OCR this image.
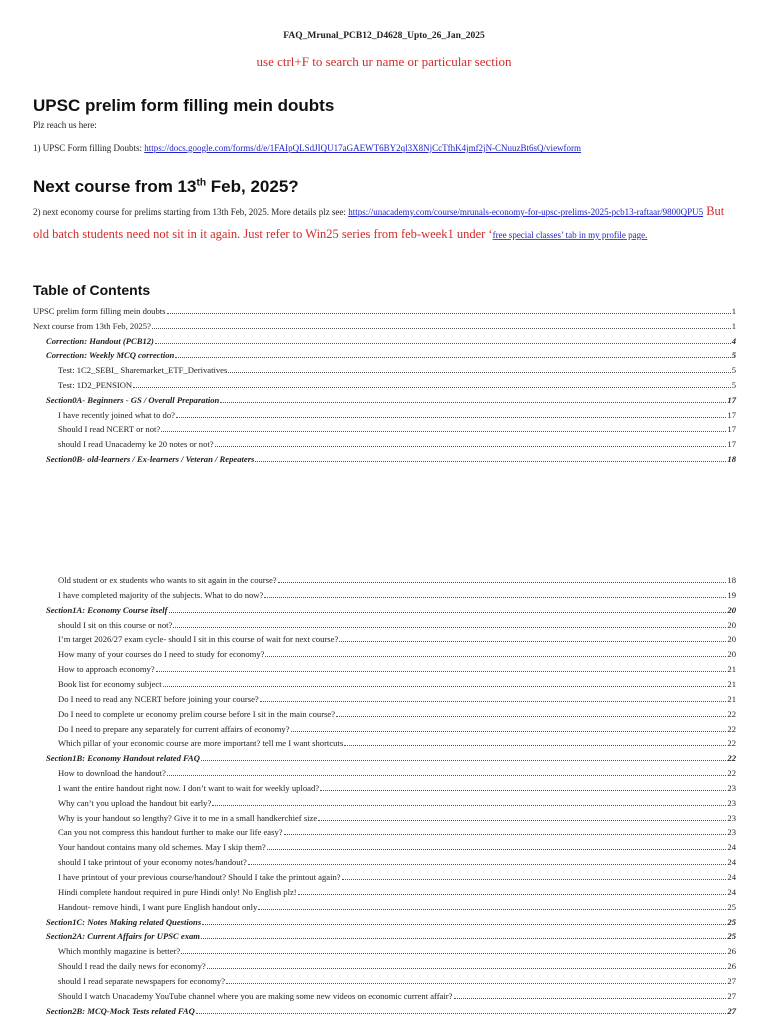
FAQ_Mrunal_PCB12_D4628_Upto_26_Jan_2025
use ctrl+F to search ur name or particular section
UPSC prelim form filling mein doubts
Plz reach us here:
1) UPSC Form filling Doubts: https://docs.google.com/forms/d/e/1FAIpQLSdJIQU17aGAEWT6BY2ql3X8NjCcTfhK4jmf2jN-CNuuzBt6sQ/viewform
Next course from 13th Feb, 2025?
2) next economy course for prelims starting from 13th Feb, 2025. More details plz see: https://unacademy.com/course/mrunals-economy-for-upsc-prelims-2025-pcb13-raftaar/9800QPU5 But old batch students need not sit in it again. Just refer to Win25 series from feb-week1 under ‘free special classes’ tab in my profile page.
Table of Contents
UPSC prelim form filling mein doubts	1
Next course from 13th Feb, 2025?	1
Correction: Handout (PCB12)	4
Correction: Weekly MCQ correction	5
Test: 1C2_SEBI_ Sharemarket_ETF_Derivatives	5
Test: 1D2_PENSION	5
Section0A- Beginners - GS / Overall Preparation	17
I have recently joined what to do?	17
Should I read NCERT or not?	17
should I read Unacademy ke 20 notes or not?	17
Section0B- old-learners / Ex-learners / Veteran / Repeaters	18
Old student or ex students who wants to sit again in the course?	18
I have completed majority of the subjects. What to do now?	19
Section1A: Economy Course itself	20
should I sit on this course or not?	20
I’m target 2026/27 exam cycle- should I sit in this course of wait for next course?	20
How many of your courses do I need to study for economy?	20
How to approach economy?	21
Book list for economy subject	21
Do I need to read any NCERT before joining your course?	21
Do I need to complete ur economy prelim course before I sit in the main course?	22
Do I need to prepare any separately for current affairs of economy?	22
Which pillar of your economic course are more important? tell me I want shortcuts	22
Section1B: Economy Handout related FAQ	22
How to download the handout?	22
I want the entire handout right now. I don’t want to wait for weekly upload?	23
Why can’t you upload the handout bit early?	23
Why is your handout so lengthy? Give it to me in a small handkerchief size	23
Can you not compress this handout further to make our life easy?	23
Your handout contains many old schemes. May I skip them?	24
should I take printout of your economy notes/handout?	24
I have printout of your previous course/handout? Should I take the printout again?	24
Hindi complete handout required in pure Hindi only! No English plz!	24
Handout- remove hindi, I want pure English handout only	25
Section1C: Notes Making related Questions	25
Section2A: Current Affairs for UPSC exam	25
Which monthly magazine is better?	26
Should I read the daily news for economy?	26
should I read separate newspapers for economy?	27
Should I watch Unacademy YouTube channel where you are making some new videos on economic current affair?	27
Section2B: MCQ-Mock Tests related FAQ	27
